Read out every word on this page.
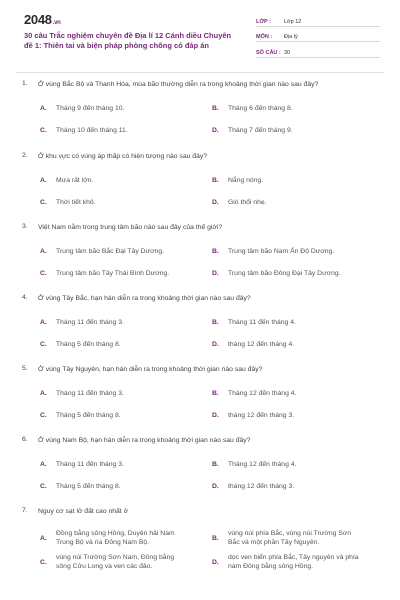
2048.vn
30 câu Trắc nghiệm chuyên đề Địa lí 12 Cánh diều Chuyên
đề 1: Thiên tai và biện pháp phòng chống có đáp án
LỚP :	Lớp 12
MÔN :	Địa lý
SỐ CÂU : 30
1. Ở vùng Bắc Bộ và Thanh Hóa, mùa bão thường diễn ra trong khoảng thời gian nào sau đây?
A. Tháng 9 đến tháng 10.	B. Tháng 6 đến tháng 8.
C. Tháng 10 đến tháng 11.	D. Tháng 7 đến tháng 9.
2. Ở khu vực có vùng áp thấp có hiện tượng nào sau đây?
A. Mưa rất lớn.	B. Nắng nóng.
C. Thời tiết khô.	D. Gió thổi nhẹ.
3. Việt Nam nằm trong trung tâm bão nào sau đây của thế giới?
A. Trung tâm bão Bắc Đại Tây Dương.	B. Trung tâm bão Nam Ấn Độ Dương.
C. Trung tâm bão Tây Thái Bình Dương.	D. Trung tâm bão Đông Đại Tây Dương.
4. Ở vùng Tây Bắc, hạn hán diễn ra trong khoảng thời gian nào sau đây?
A. Tháng 11 đến tháng 3.	B. Tháng 11 đến tháng 4.
C. Tháng 5 đến tháng 8.	D. tháng 12 đến tháng 4.
5. Ở vùng Tây Nguyên, hạn hán diễn ra trong khoảng thời gian nào sau đây?
A. Tháng 11 đến tháng 3.	B. Tháng 12 đến tháng 4.
C. Tháng 5 đến tháng 8.	D. tháng 12 đến tháng 3.
6. Ở vùng Nam Bộ, hạn hán diễn ra trong khoảng thời gian nào sau đây?
A. Tháng 11 đến tháng 3.	B. Tháng 12 đến tháng 4.
C. Tháng 5 đến tháng 8.	D. tháng 12 đến tháng 3.
7. Nguy cơ sạt lở đất cao nhất ở
A.
Đồng bằng sông Hồng, Duyên hải Nam
Trung Bộ và rìa Đông Nam Bộ.
B.
vùng núi phía Bắc, vùng núi Trường Sơn
Bắc và một phần Tây Nguyên.
C.
vùng núi Trường Sơn Nam, Đồng bằng
sông Cửu Long và ven các đảo.
D.
dọc ven biển phía Bắc, Tây nguyên và phía
nam Đồng bằng sông Hồng.
